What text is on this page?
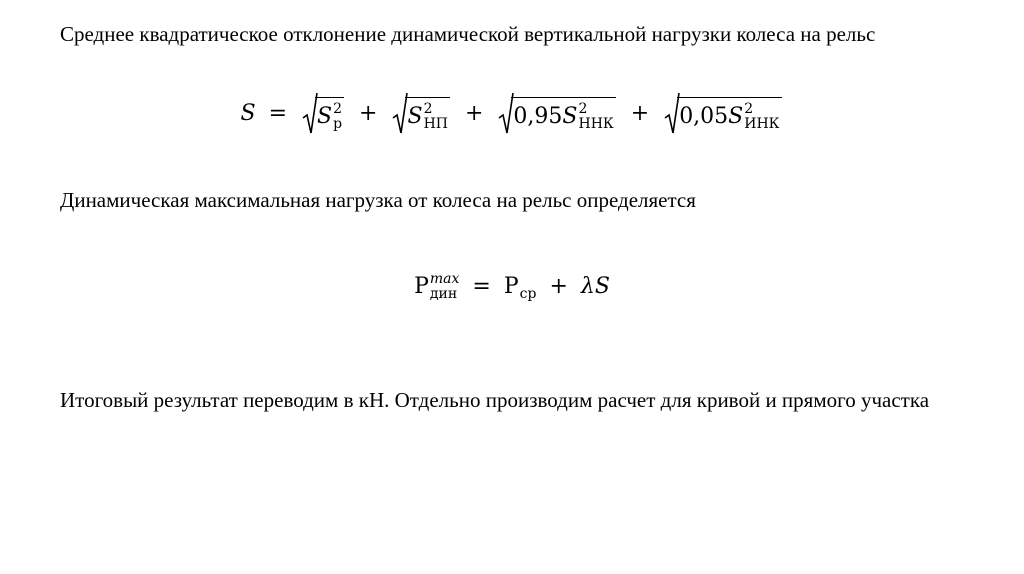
Среднее квадратическое отклонение динамической вертикальной нагрузки колеса на рельс
S = S 2
р + S 2
НП + 0,95S 2
ННК + 0,05S 2
ИНК
Динамическая максимальная нагрузка от колеса на рельс определяется
Р max
дин = Р ср + λS
Итоговый результат переводим в кН. Отдельно производим расчет для кривой и прямого участка
